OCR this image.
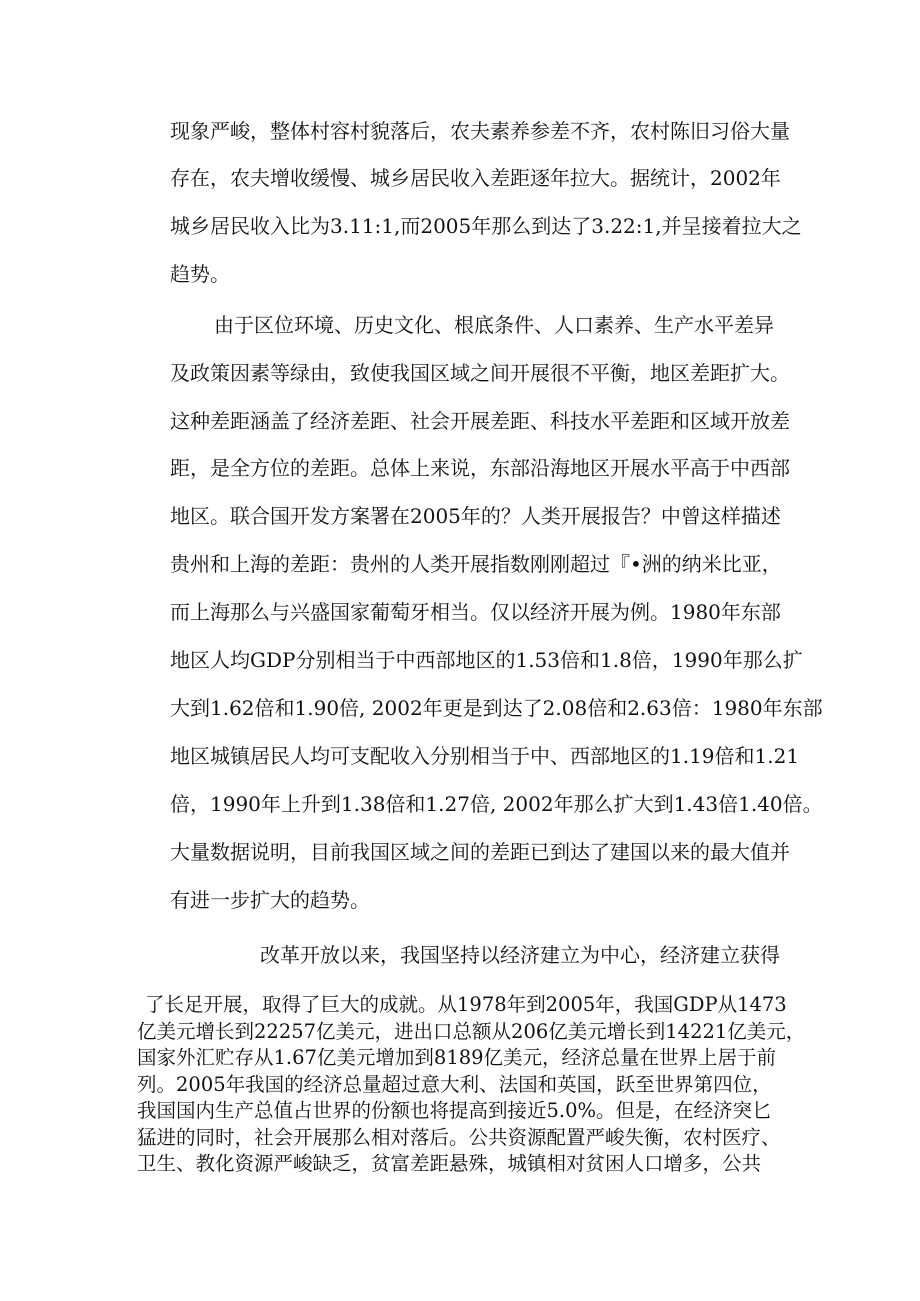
现象严峻，整体村容村貌落后，农夫素养参差不齐，农村陈旧习俗大量
存在，农夫增收缓慢、城乡居民收入差距逐年拉大。据统计，2002年
城乡居民收入比为3.11:1,而2005年那么到达了3.22:1,并呈接着拉大之
趋势。
由于区位环境、历史文化、根底条件、人口素养、生产水平差异
及政策因素等绿由，致使我国区域之间开展很不平衡，地区差距扩大。
这种差距涵盖了经济差距、社会开展差距、科技水平差距和区域开放差
距，是全方位的差距。总体上来说，东部沿海地区开展水平高于中西部
地区。联合国开发方案署在2005年的？人类开展报告？中曾这样描述
贵州和上海的差距：贵州的人类开展指数刚刚超过『•洲的纳米比亚，
而上海那么与兴盛国家葡萄牙相当。仅以经济开展为例。1980年东部
地区人均GDP分别相当于中西部地区的1.53倍和1.8倍，1990年那么扩
大到1.62倍和1.90倍, 2002年更是到达了2.08倍和2.63倍：1980年东部
地区城镇居民人均可支配收入分别相当于中、西部地区的1.19倍和1.21
倍，1990年上升到1.38倍和1.27倍, 2002年那么扩大到1.43倍1.40倍。
大量数据说明，目前我国区域之间的差距已到达了建国以来的最大值并
有进一步扩大的趋势。
改革开放以来，我国坚持以经济建立为中心，经济建立获得
了长足开展，取得了巨大的成就。从1978年到2005年，我国GDP从1473
亿美元增长到22257亿美元，进出口总额从206亿美元增长到14221亿美元，
国家外汇贮存从1.67亿美元增加到8189亿美元，经济总量在世界上居于前
列。2005年我国的经济总量超过意大利、法国和英国，跃至世界第四位，
我国国内生产总值占世界的份额也将提高到接近5.0%。但是，在经济突匕
猛进的同时，社会开展那么相对落后。公共资源配置严峻失衡，农村医疗、
卫生、教化资源严峻缺乏，贫富差距悬殊，城镇相对贫困人口增多，公共
